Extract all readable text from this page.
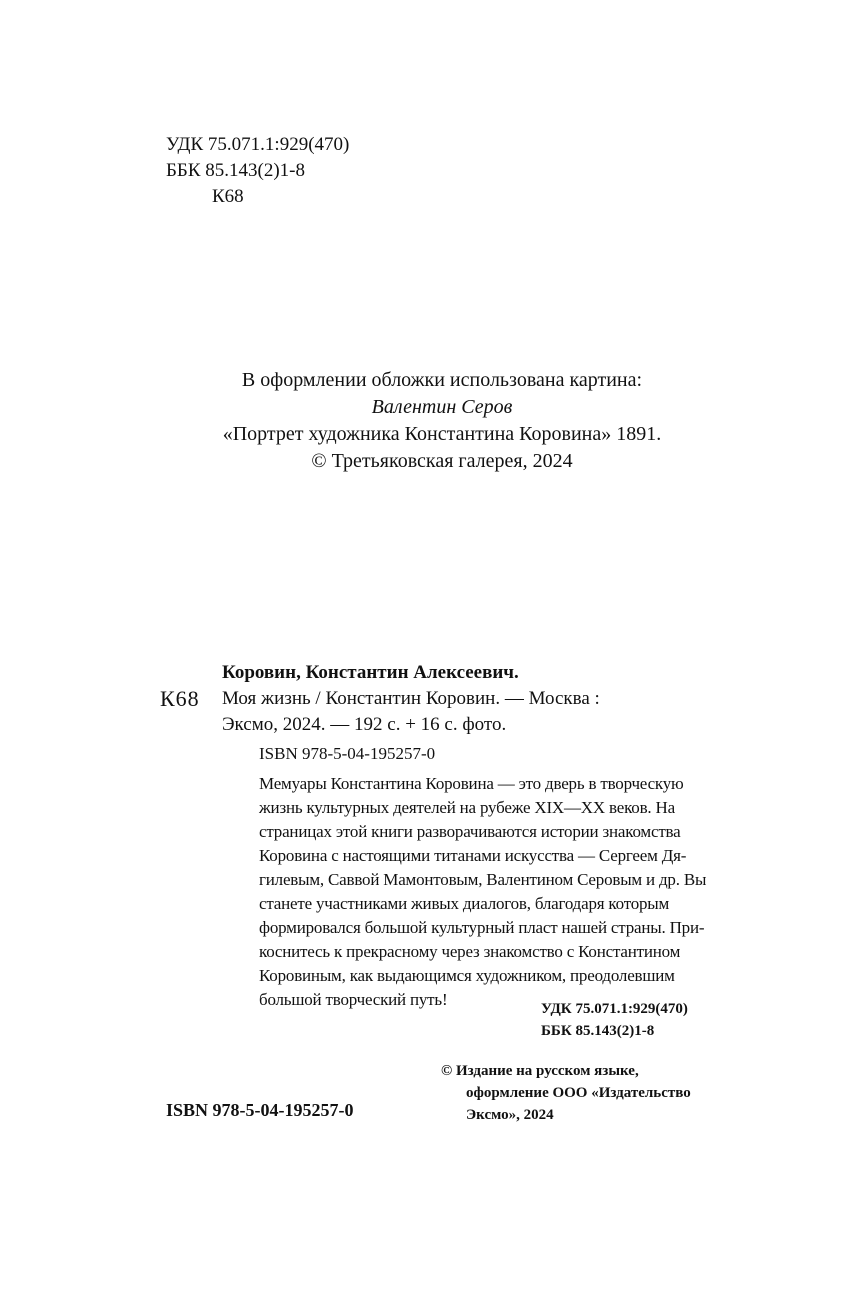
УДК 75.071.1:929(470)
ББК 85.143(2)1-8
К68
В оформлении обложки использована картина:
Валентин Серов
«Портрет художника Константина Коровина» 1891.
© Третьяковская галерея, 2024
Коровин, Константин Алексеевич.
К68 Моя жизнь / Константин Коровин. — Москва :
Эксмо, 2024. — 192 с. + 16 с. фото.
ISBN 978-5-04-195257-0
Мемуары Константина Коровина — это дверь в творческую
жизнь культурных деятелей на рубеже XIX—XX веков. На
страницах этой книги разворачиваются истории знакомства
Коровина с настоящими титанами искусства — Сергеем Дя-
гилевым, Саввой Мамонтовым, Валентином Серовым и др. Вы
станете участниками живых диалогов, благодаря которым
формировался большой культурный пласт нашей страны. При-
коснитесь к прекрасному через знакомство с Константином
Коровиным, как выдающимся художником, преодолевшим
большой творческий путь!	УДК 75.071.1:929(470)
ББК 85.143(2)1-8
© Издание на русском языке,
оформление ООО «Издательство
Эксмо», 2024
ISBN 978-5-04-195257-0
